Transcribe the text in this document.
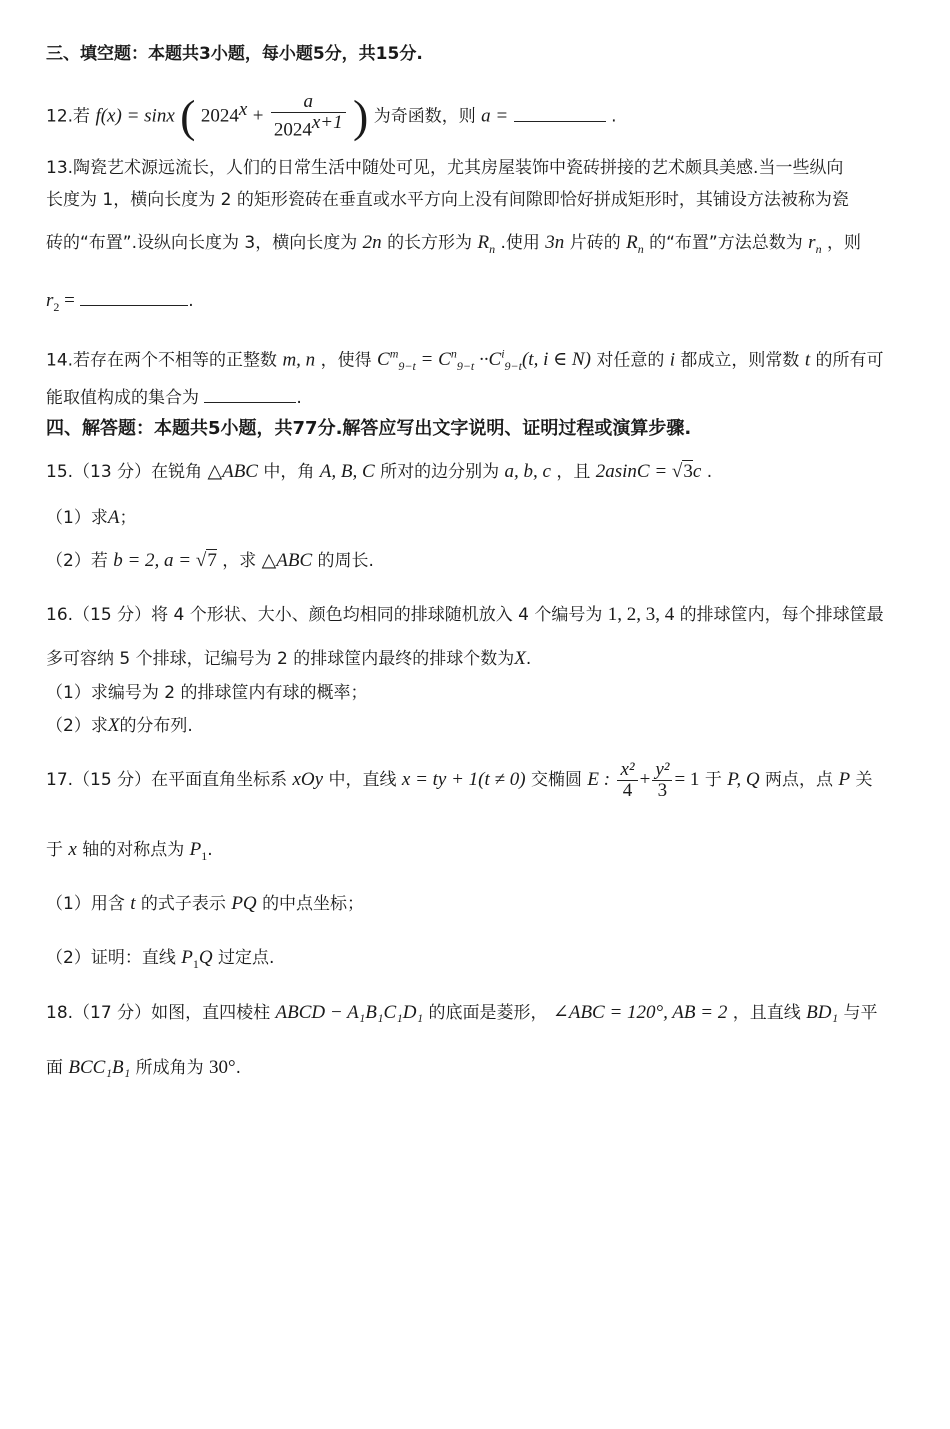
三、填空题：本题共3小题，每小题5分，共15分.
12.若 f(x) = sinx ( $2024^x + \frac{a}{2024^{x+1}}$ ) 为奇函数，则 a =	.
13.陶瓷艺术源远流长，人们的日常生活中随处可见，尤其房屋装饰中瓷砖拼接的艺术颇具美感.当一些纵向
长度为 1，横向长度为 2 的矩形瓷砖在垂直或水平方向上没有间隙即恰好拼成矩形时，其铺设方法被称为瓷
砖的“布置”.设纵向长度为 3，横向长度为 2n 的长方形为 $R_n$ .使用 3n 片砖的 $R_n$ 的“布置”方法总数为 $r_n$ ，则
$r_2$ =	.
14.若存在两个不相等的正整数 m, n ，使得 $C^m_{9-t} = C^n_{9-t} \cdot\cdot C^i_{9-t}(t$, i ∈ N) 对任意的 i 都成立，则常数 t 的所有可
能取值构成的集合为	.
四、解答题：本题共5小题，共77分.解答应写出文字说明、证明过程或演算步骤.
15.（13 分）在锐角 △ABC 中，角 A, B, C 所对的边分别为 a, b, c ，且 2asinC = √3c .
（1）求A；
（2）若 b = 2, a = √7 ，求 △ABC 的周长.
16.（15 分）将 4 个形状、大小、颜色均相同的排球随机放入 4 个编号为 1, 2, 3, 4 的排球筐内，每个排球筐最
多可容纳 5 个排球，记编号为 2 的排球筐内最终的排球个数为X.
（1）求编号为 2 的排球筐内有球的概率；
（2）求X的分布列.
17.（15 分）在平面直角坐标系 xOy 中，直线 x = ty + 1(t ≠ 0) 交椭圆 E : $\frac{\text{x²}}{4} + \frac{\text{y²}}{3} = 1$ 于 P, Q 两点，点 P 关
于 x 轴的对称点为 $P_1$.
（1）用含 t 的式子表示 PQ 的中点坐标；
（2）证明：直线 $P_1Q$ 过定点.
18.（17 分）如图，直四棱柱 ABCD − A₁B₁C₁D₁ 的底面是菱形， ∠ABC = 120°, AB = 2 ，且直线 BD₁ 与平
面 BCC₁B₁ 所成角为 30°.
